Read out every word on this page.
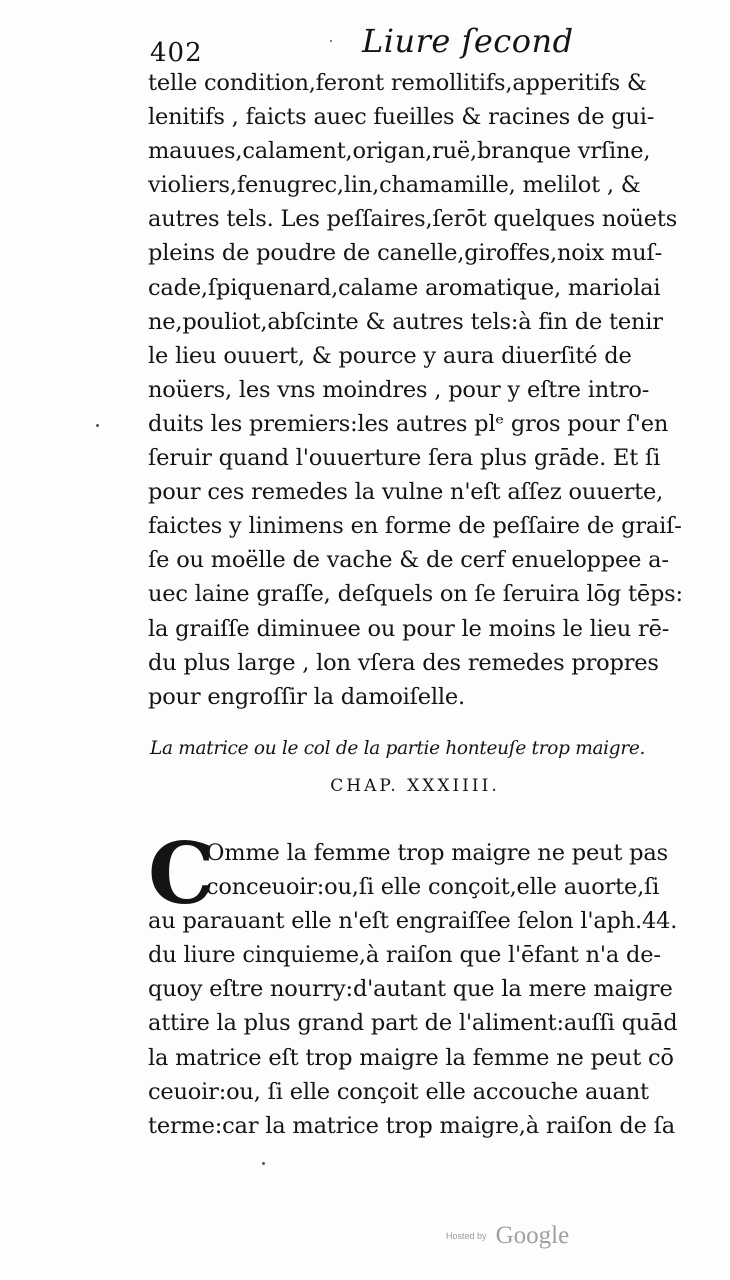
402	Liure ſecond
telle condition,feront remollitifs,apperitifs &
lenitifs , faicts auec fueilles & racines de gui-
mauues,calament,origan,ruë,branque vrſine,
violiers,fenugrec,lin,chamamille, melilot , &
autres tels. Les peſſaires,ſerōt quelques noüets
pleins de poudre de canelle,giroffes,noix muſ-
cade,ſpiquenard,calame aromatique, mariolai
ne,pouliot,abſcinte & autres tels:à fin de tenir
le lieu ouuert, & pource y aura diuerſité de
noüers, les vns moindres , pour y eſtre intro-
duits les premiers:les autres plᵉ gros pour ſ'en
ſeruir quand l'ouuerture ſera plus grāde. Et ſi
pour ces remedes la vulne n'eſt aſſez ouuerte,
faictes y linimens en forme de peſſaire de graiſ-
ſe ou moëlle de vache & de cerf enueloppee a-
uec laine graſſe, deſquels on ſe ſeruira lōg tēps:
la graiſſe diminuee ou pour le moins le lieu rē-
du plus large , lon vſera des remedes propres
pour engroſſir la damoiſelle.
La matrice ou le col de la partie honteuſe trop maigre.
CHAP. XXXIIII.
C
Omme la femme trop maigre ne peut pas
conceuoir:ou,ſi elle conçoit,elle auorte,ſi
au parauant elle n'eſt engraiſſee ſelon l'aph.44.
du liure cinquieme,à raiſon que l'ēfant n'a de-
quoy eſtre nourry:d'autant que la mere maigre
attire la plus grand part de l'aliment:auſſi quād
la matrice eſt trop maigre la femme ne peut cō
ceuoir:ou, ſi elle conçoit elle accouche auant
terme:car la matrice trop maigre,à raiſon de ſa
Hosted by Google
